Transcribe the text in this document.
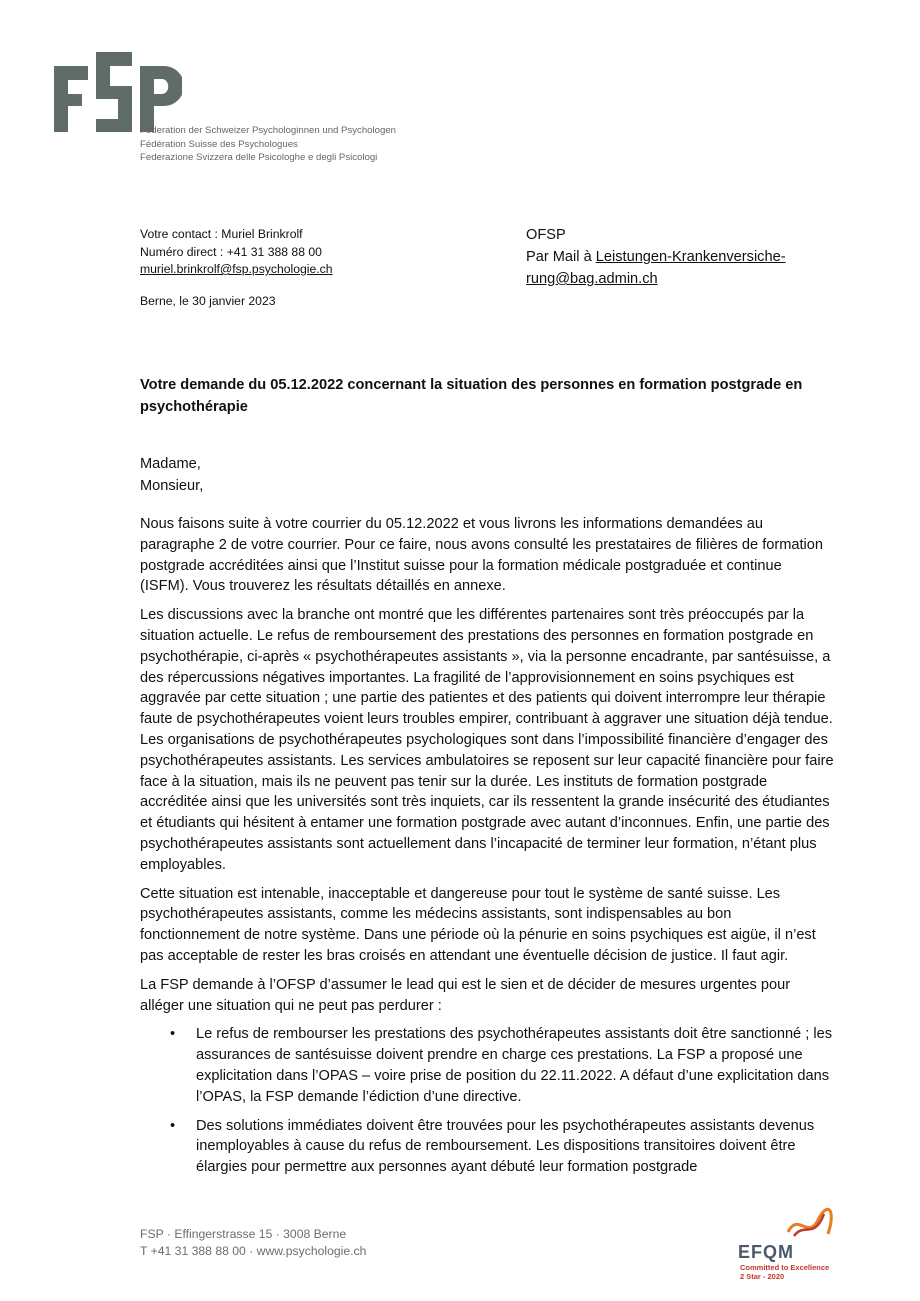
Föderation der Schweizer Psychologinnen und Psychologen
Fédération Suisse des Psychologues
Federazione Svizzera delle Psicologhe e degli Psicologi
Votre contact : Muriel Brinkrolf
Numéro direct : +41 31 388 88 00
muriel.brinkrolf@fsp.psychologie.ch
Berne, le 30 janvier 2023
OFSP
Par Mail à Leistungen-Krankenversiche-
rung@bag.admin.ch
Votre demande du 05.12.2022 concernant la situation des personnes en formation postgrade en psychothérapie
Madame,
Monsieur,

Nous faisons suite à votre courrier du 05.12.2022 et vous livrons les informations demandées au paragraphe 2 de votre courrier. Pour ce faire, nous avons consulté les prestataires de filières de formation postgrade accréditées ainsi que l’Institut suisse pour la formation médicale postgraduée et continue (ISFM). Vous trouverez les résultats détaillés en annexe.

Les discussions avec la branche ont montré que les différentes partenaires sont très préoccupés par la situation actuelle. Le refus de remboursement des prestations des personnes en formation postgrade en psychothérapie, ci-après « psychothérapeutes assistants », via la personne encadrante, par santésuisse, a des répercussions négatives importantes. La fragilité de l’approvisionnement en soins psychiques est aggravée par cette situation ; une partie des patientes et des patients qui doivent interrompre leur thérapie faute de psychothérapeutes voient leurs troubles empirer, contribuant à aggraver une situation déjà tendue. Les organisations de psychothérapeutes psychologiques sont dans l’impossibilité financière d’engager des psychothérapeutes assistants. Les services ambulatoires se reposent sur leur capacité financière pour faire face à la situation, mais ils ne peuvent pas tenir sur la durée. Les instituts de formation postgrade accréditée ainsi que les universités sont très inquiets, car ils ressentent la grande insécurité des étudiantes et étudiants qui hésitent à entamer une formation postgrade avec autant d’inconnues. Enfin, une partie des psychothérapeutes assistants sont actuellement dans l’incapacité de terminer leur formation, n’étant plus employables.

Cette situation est intenable, inacceptable et dangereuse pour tout le système de santé suisse. Les psychothérapeutes assistants, comme les médecins assistants, sont indispensables au bon fonctionnement de notre système. Dans une période où la pénurie en soins psychiques est aigüe, il n’est pas acceptable de rester les bras croisés en attendant une éventuelle décision de justice. Il faut agir.

La FSP demande à l’OFSP d’assumer le lead qui est le sien et de décider de mesures urgentes pour alléger une situation qui ne peut pas perdurer :

• Le refus de rembourser les prestations des psychothérapeutes assistants doit être sanctionné ; les assurances de santésuisse doivent prendre en charge ces prestations. La FSP a proposé une explicitation dans l’OPAS – voire prise de position du 22.11.2022. A défaut d’une explicitation dans l’OPAS, la FSP demande l’édiction d’une directive.
• Des solutions immédiates doivent être trouvées pour les psychothérapeutes assistants devenus inemployables à cause du refus de remboursement. Les dispositions transitoires doivent être élargies pour permettre aux personnes ayant débuté leur formation postgrade
FSP · Effingerstrasse 15 · 3008 Berne
T +41 31 388 88 00 · www.psychologie.ch	EFQM
Committed to Excellence
2 Star - 2020
